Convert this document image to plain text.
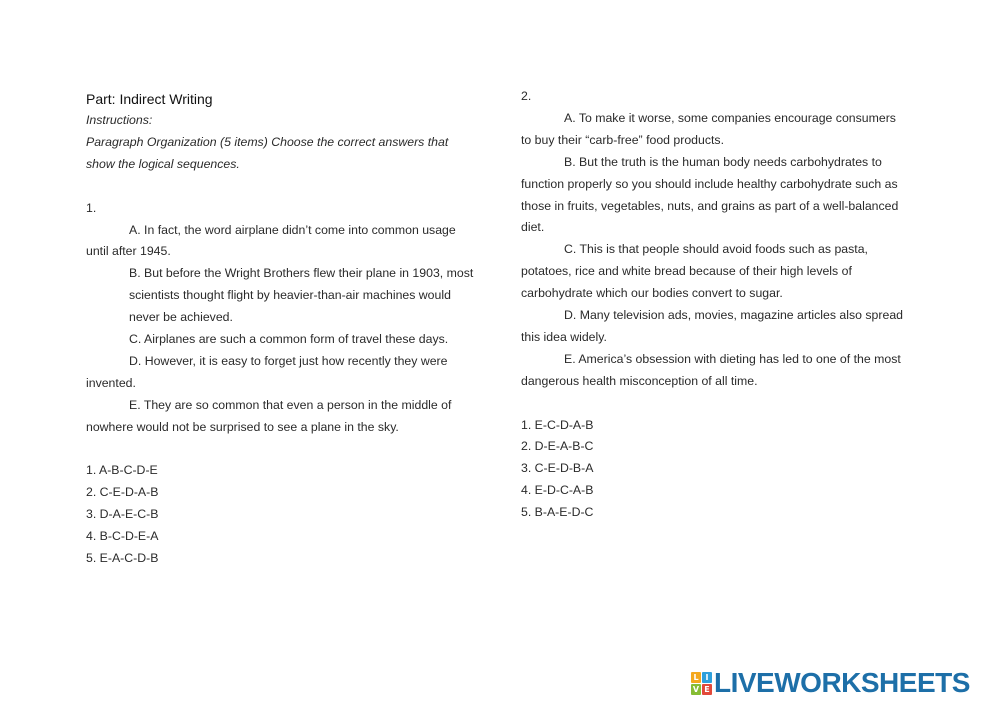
Part: Indirect Writing
Instructions:
Paragraph Organization (5 items) Choose the correct answers that
show the logical sequences.
1.
A. In fact, the word airplane didn’t come into common usage
until after 1945.
B. But before the Wright Brothers flew their plane in 1903, most
scientists thought flight by heavier-than-air machines would
never be achieved.
C. Airplanes are such a common form of travel these days.
D. However, it is easy to forget just how recently they were
invented.
E. They are so common that even a person in the middle of
nowhere would not be surprised to see a plane in the sky.
1. A-B-C-D-E
2. C-E-D-A-B
3. D-A-E-C-B
4. B-C-D-E-A
5. E-A-C-D-B
2.
A. To make it worse, some companies encourage consumers
to buy their “carb-free” food products.
B. But the truth is the human body needs carbohydrates to
function properly so you should include healthy carbohydrate such as
those in fruits, vegetables, nuts, and grains as part of a well-balanced
diet.
C. This is that people should avoid foods such as pasta,
potatoes, rice and white bread because of their high levels of
carbohydrate which our bodies convert to sugar.
D. Many television ads, movies, magazine articles also spread
this idea widely.
E. America’s obsession with dieting has led to one of the most
dangerous health misconception of all time.
1. E-C-D-A-B
2. D-E-A-B-C
3. C-E-D-B-A
4. E-D-C-A-B
5. B-A-E-D-C
L I
V E LIVEWORKSHEETS
